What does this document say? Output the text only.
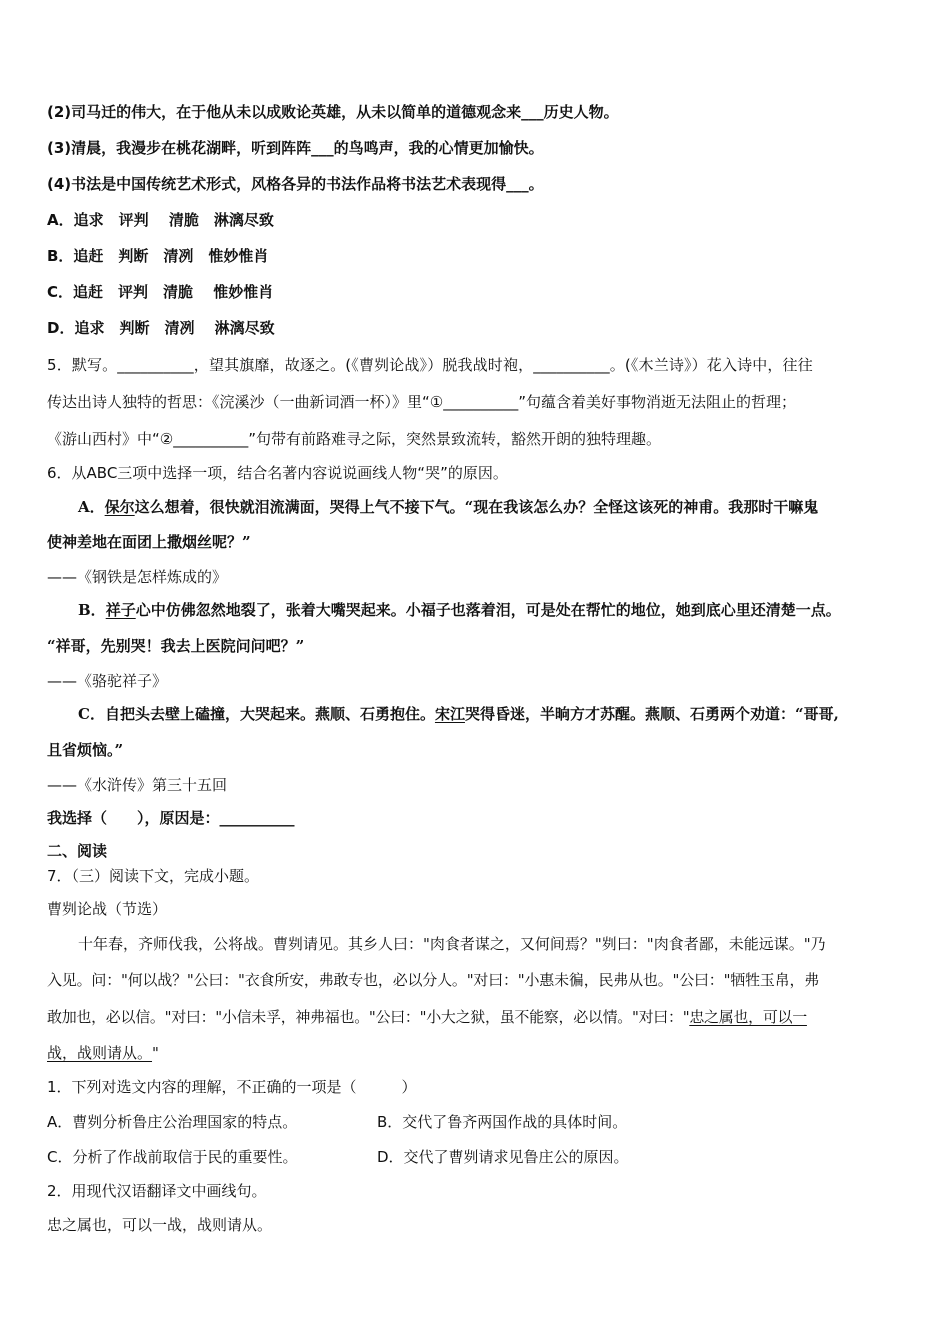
(2)司马迁的伟大，在于他从未以成败论英雄，从未以简单的道德观念来___历史人物。
(3)清晨，我漫步在桃花湖畔，听到阵阵___的鸟鸣声，我的心情更加愉快。
(4)书法是中国传统艺术形式，风格各异的书法作品将书法艺术表现得___。
A．追求　评判　 清脆　淋漓尽致
B．追赶　判断　清冽　惟妙惟肖
C．追赶　评判　清脆　 惟妙惟肖
D．追求　判断　清冽　 淋漓尽致
5．默写。__________，望其旗靡，故逐之。(《曹刿论战》）脱我战时袍，__________。(《木兰诗》）花入诗中，往往
传达出诗人独特的哲思：《浣溪沙（一曲新词酒一杯）》里“①__________”句蕴含着美好事物消逝无法阻止的哲理；
《游山西村》中“②__________”句带有前路难寻之际，突然景致流转，豁然开朗的独特理趣。
6．从ABC三项中选择一项，结合名著内容说说画线人物“哭”的原因。
A．保尔这么想着，很快就泪流满面，哭得上气不接下气。“现在我该怎么办？全怪这该死的神甫。我那时干嘛鬼
使神差地在面团上撒烟丝呢？”
——《钢铁是怎样炼成的》
B．祥子心中仿佛忽然地裂了，张着大嘴哭起来。小福子也落着泪，可是处在帮忙的地位，她到底心里还清楚一点。
“祥哥，先别哭！我去上医院问问吧？”
——《骆驼祥子》
C．自把头去壁上磕撞，大哭起来。燕顺、石勇抱住。宋江哭得昏迷，半晌方才苏醒。燕顺、石勇两个劝道：“哥哥,
且省烦恼。”
——《水浒传》第三十五回
我选择（　　），原因是：__________
二、阅读
7．（三）阅读下文，完成小题。
曹刿论战（节选）
十年春，齐师伐我，公将战。曹刿请见。其乡人曰："肉食者谋之，又何间焉？"刿曰："肉食者鄙，未能远谋。"乃
入见。问："何以战？"公曰："衣食所安，弗敢专也，必以分人。"对曰："小惠未徧，民弗从也。"公曰："牺牲玉帛，弗
敢加也，必以信。"对曰："小信未孚，神弗福也。"公曰："小大之狱，虽不能察，必以情。"对曰："忠之属也，可以一
战，战则请从。"
1．下列对选文内容的理解，不正确的一项是（　　　）
A．曹刿分析鲁庄公治理国家的特点。	B．交代了鲁齐两国作战的具体时间。
C．分析了作战前取信于民的重要性。	D．交代了曹刿请求见鲁庄公的原因。
2．用现代汉语翻译文中画线句。
忠之属也，可以一战，战则请从。
